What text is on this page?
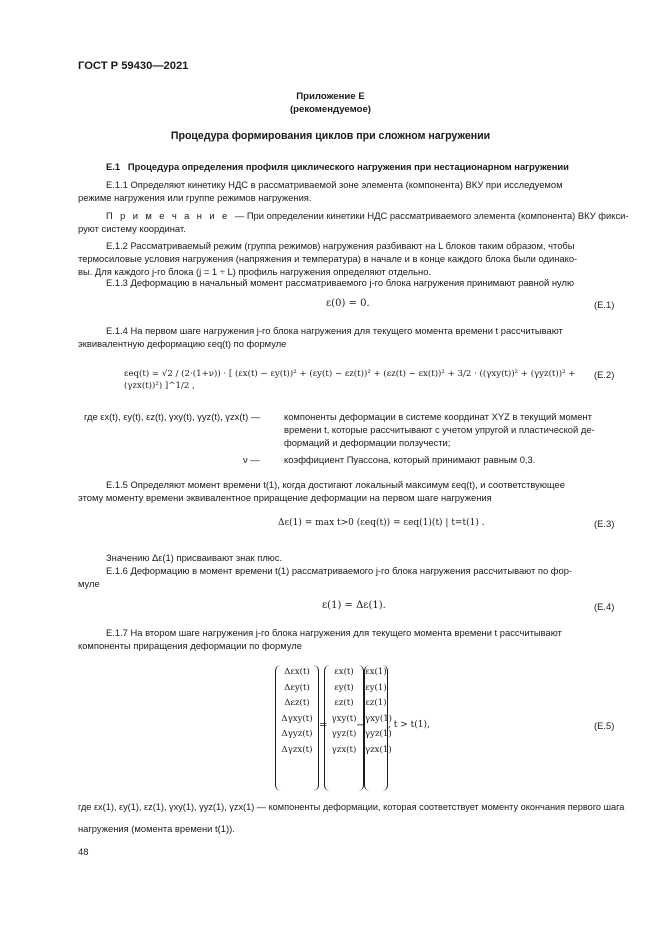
ГОСТ Р 59430—2021
Приложение Е
(рекомендуемое)
Процедура формирования циклов при сложном нагружении
Е.1 Процедура определения профиля циклического нагружения при нестационарном нагружении
Е.1.1 Определяют кинетику НДС в рассматриваемой зоне элемента (компонента) ВКУ при исследуемом
режиме нагружения или группе режимов нагружения.
П р и м е ч а н и е — При определении кинетики НДС рассматриваемого элемента (компонента) ВКУ фикси-
руют систему координат.
Е.1.2 Рассматриваемый режим (группа режимов) нагружения разбивают на L блоков таким образом, чтобы
термосиловые условия нагружения (напряжения и температура) в начале и в конце каждого блока были одинако-
вы. Для каждого j-го блока (j = 1 ÷ L) профиль нагружения определяют отдельно.
Е.1.3 Деформацию в начальный момент рассматриваемого j-го блока нагружения принимают равной нулю
ε(0) = 0.	(Е.1)
Е.1.4 На первом шаге нагружения j-го блока нагружения для текущего момента времени t рассчитывают
эквивалентную деформацию εeq(t) по формуле
εeq(t) = √2 / (2·(1+ν)) · [ (εx(t) − εy(t))² + (εy(t) − εz(t))² + (εz(t) − εx(t))² + 3/2 · ((γxy(t))² + (γyz(t))² + (γzx(t))²) ]^1/2 ,
(Е.2)
где εx(t), εy(t), εz(t), γxy(t), γyz(t), γzx(t) —	компоненты деформации в системе координат XYZ в текущий момент
времени t, которые рассчитывают с учетом упругой и пластической де-
формаций и деформации ползучести;
ν —	коэффициент Пуассона, который принимают равным 0,3.
Е.1.5 Определяют момент времени t(1), когда достигают локальный максимум εeq(t), и соответствующее
этому моменту времени эквивалентное приращение деформации на первом шаге нагружения
Δε(1) = max t>0 (εeq(t)) = εeq(1)(t) | t=t(1) .	(Е.3)
Значению Δε(1) присваивают знак плюс.
Е.1.6 Деформацию в момент времени t(1) рассматриваемого j-го блока нагружения рассчитывают по фор-
муле
ε(1) = Δε(1).	(Е.4)
Е.1.7 На втором шаге нагружения j-го блока нагружения для текущего момента времени t рассчитывают
компоненты приращения деформации по формуле
Δεx(t)
Δεy(t)
Δεz(t)
Δγxy(t)
Δγyz(t)
Δγzx(t)
=
εx(t)
εy(t)
εz(t)
γxy(t)
γyz(t)
γzx(t)
−
εx(1)
εy(1)
εz(1)
γxy(1)
γyz(1)
γzx(1)
, t > t(1),	(Е.5)
где εx(1), εy(1), εz(1), γxy(1), γyz(1), γzx(1) — компоненты деформации, которая соответствует моменту окончания первого шага
нагружения (момента времени t(1)).
48
